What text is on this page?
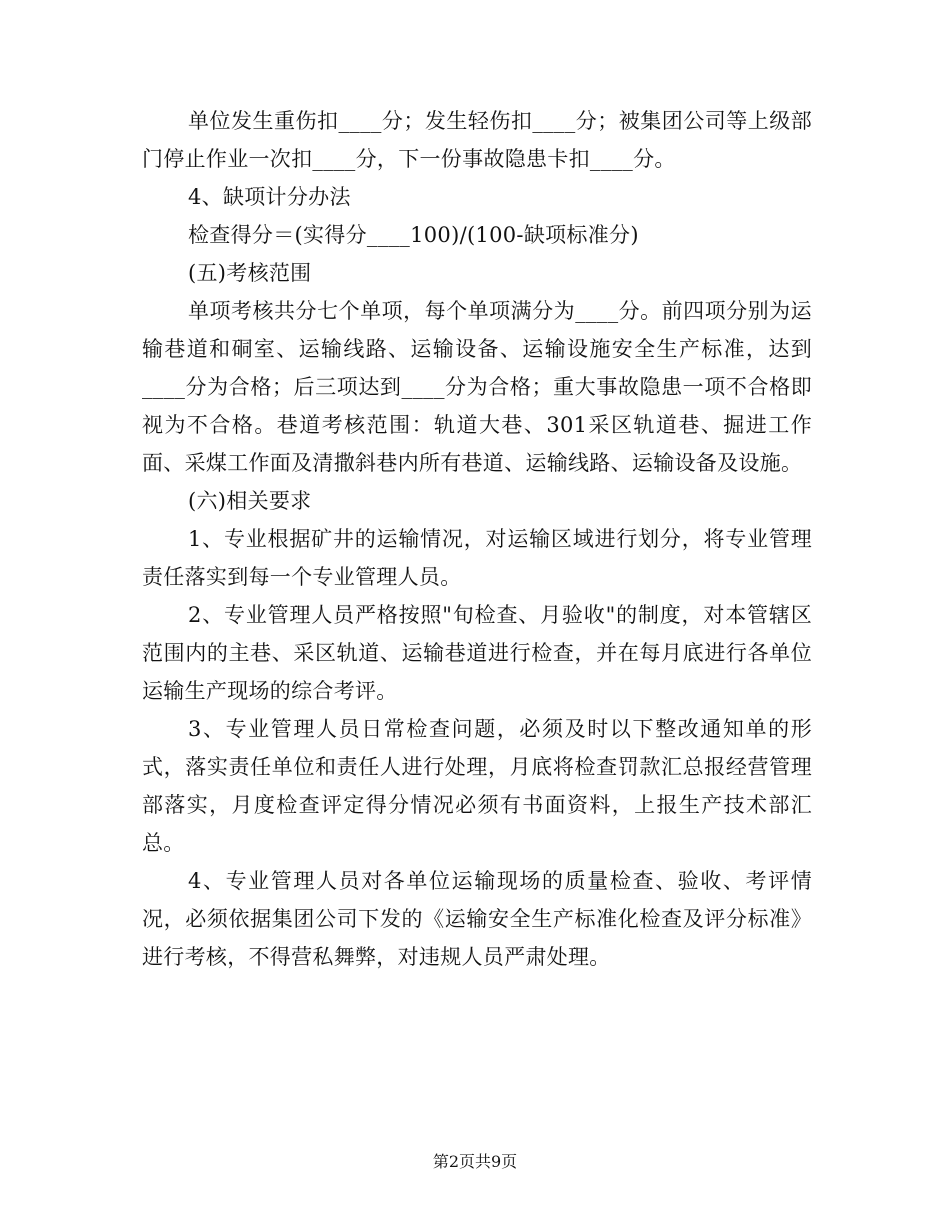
单位发生重伤扣____分；发生轻伤扣____分；被集团公司等上级部门停止作业一次扣____分，下一份事故隐患卡扣____分。

4、缺项计分办法

检查得分＝(实得分____100)/(100-缺项标准分)

(五)考核范围

单项考核共分七个单项，每个单项满分为____分。前四项分别为运输巷道和硐室、运输线路、运输设备、运输设施安全生产标准，达到____分为合格；后三项达到____分为合格；重大事故隐患一项不合格即视为不合格。巷道考核范围：轨道大巷、301采区轨道巷、掘进工作面、采煤工作面及清撒斜巷内所有巷道、运输线路、运输设备及设施。

(六)相关要求

1、专业根据矿井的运输情况，对运输区域进行划分，将专业管理责任落实到每一个专业管理人员。

2、专业管理人员严格按照"旬检查、月验收"的制度，对本管辖区范围内的主巷、采区轨道、运输巷道进行检查，并在每月底进行各单位运输生产现场的综合考评。

3、专业管理人员日常检查问题，必须及时以下整改通知单的形式，落实责任单位和责任人进行处理，月底将检查罚款汇总报经营管理部落实，月度检查评定得分情况必须有书面资料，上报生产技术部汇总。

4、专业管理人员对各单位运输现场的质量检查、验收、考评情况，必须依据集团公司下发的《运输安全生产标准化检查及评分标准》进行考核，不得营私舞弊，对违规人员严肃处理。

第2页共9页
